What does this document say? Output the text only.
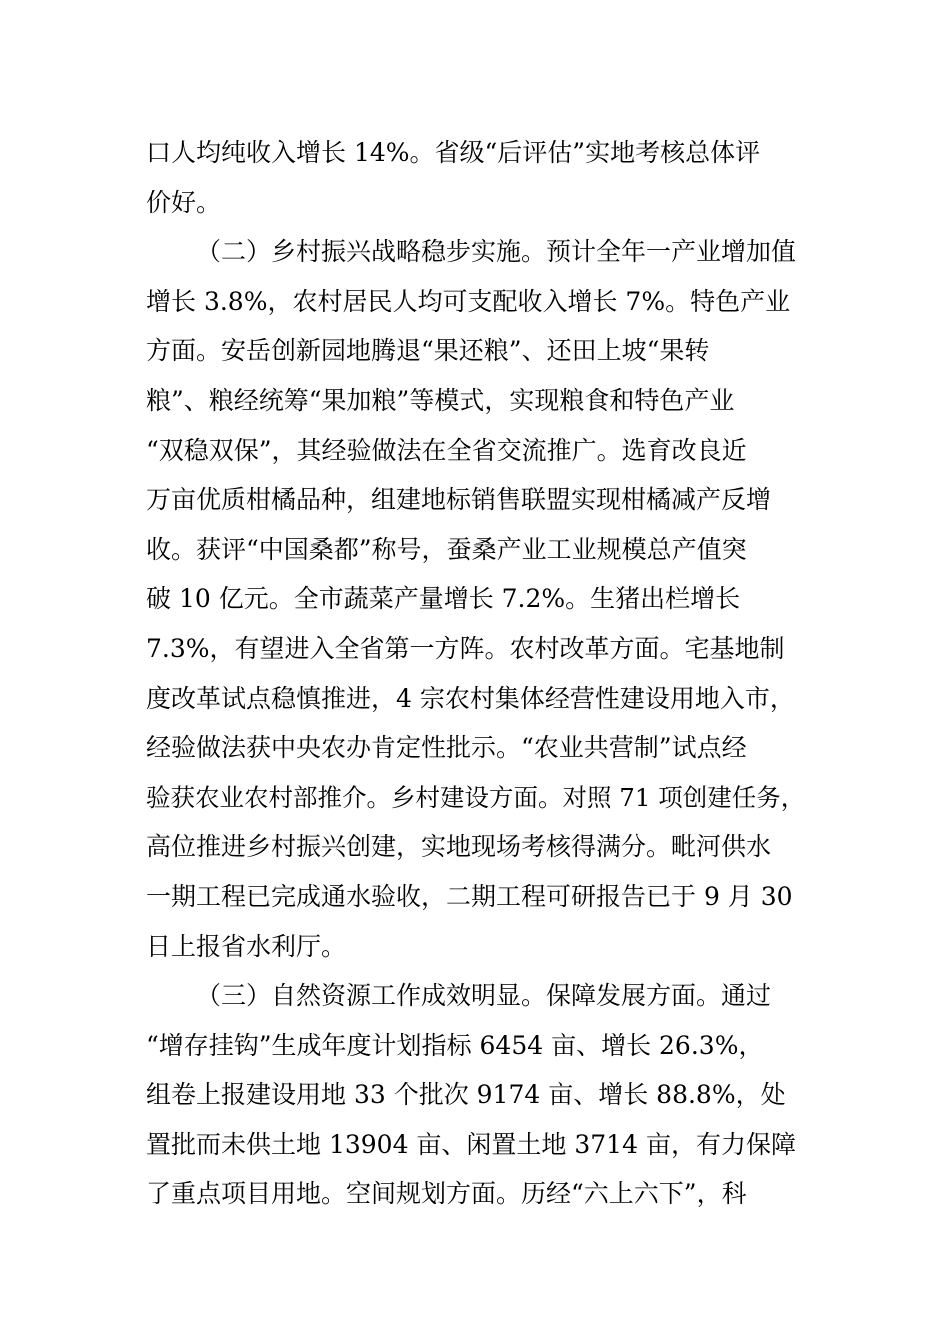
口人均纯收入增长 14%。省级“后评估”实地考核总体评
价好。
（二）乡村振兴战略稳步实施。预计全年一产业增加值
增长 3.8%，农村居民人均可支配收入增长 7%。特色产业
方面。安岳创新园地腾退“果还粮”、还田上坡“果转
粮”、粮经统筹“果加粮”等模式，实现粮食和特色产业
“双稳双保”，其经验做法在全省交流推广。选育改良近
万亩优质柑橘品种，组建地标销售联盟实现柑橘减产反增
收。获评“中国桑都”称号，蚕桑产业工业规模总产值突
破 10 亿元。全市蔬菜产量增长 7.2%。生猪出栏增长
7.3%，有望进入全省第一方阵。农村改革方面。宅基地制
度改革试点稳慎推进，4 宗农村集体经营性建设用地入市，
经验做法获中央农办肯定性批示。“农业共营制”试点经
验获农业农村部推介。乡村建设方面。对照 71 项创建任务，
高位推进乡村振兴创建，实地现场考核得满分。毗河供水
一期工程已完成通水验收，二期工程可研报告已于 9 月 30
日上报省水利厅。
（三）自然资源工作成效明显。保障发展方面。通过
“增存挂钩”生成年度计划指标 6454 亩、增长 26.3%，
组卷上报建设用地 33 个批次 9174 亩、增长 88.8%，处
置批而未供土地 13904 亩、闲置土地 3714 亩，有力保障
了重点项目用地。空间规划方面。历经“六上六下”，科
